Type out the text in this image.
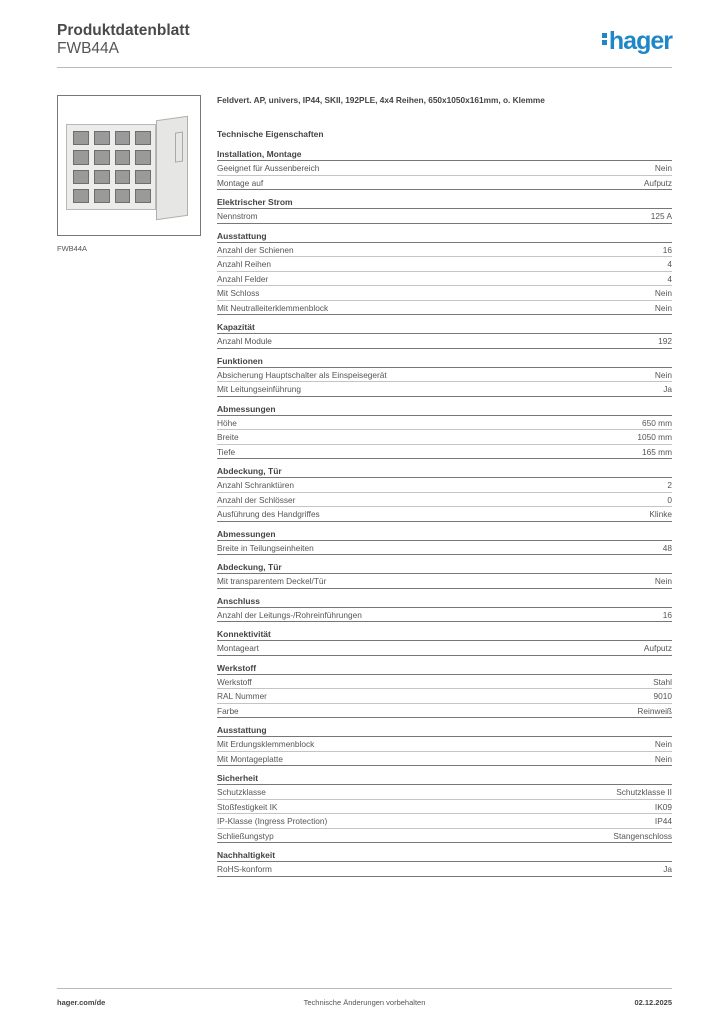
Produktdatenblatt
FWB44A	hager
FWB44A
Feldvert. AP, univers, IP44, SKII, 192PLE, 4x4 Reihen, 650x1050x161mm, o. Klemme
Technische Eigenschaften
Installation, Montage
Geeignet für Aussenbereich	Nein
Montage auf	Aufputz
Elektrischer Strom
Nennstrom	125 A
Ausstattung
Anzahl der Schienen	16
Anzahl Reihen	4
Anzahl Felder	4
Mit Schloss	Nein
Mit Neutralleiterklemmenblock	Nein
Kapazität
Anzahl Module	192
Funktionen
Absicherung Hauptschalter als Einspeisegerät	Nein
Mit Leitungseinführung	Ja
Abmessungen
Höhe	650 mm
Breite	1050 mm
Tiefe	165 mm
Abdeckung, Tür
Anzahl Schranktüren	2
Anzahl der Schlösser	0
Ausführung des Handgriffes	Klinke
Abmessungen
Breite in Teilungseinheiten	48
Abdeckung, Tür
Mit transparentem Deckel/Tür	Nein
Anschluss
Anzahl der Leitungs-/Rohreinführungen	16
Konnektivität
Montageart	Aufputz
Werkstoff
Werkstoff	Stahl
RAL Nummer	9010
Farbe	Reinweiß
Ausstattung
Mit Erdungsklemmenblock	Nein
Mit Montageplatte	Nein
Sicherheit
Schutzklasse	Schutzklasse II
Stoßfestigkeit IK	IK09
IP-Klasse (Ingress Protection)	IP44
Schließungstyp	Stangenschloss
Nachhaltigkeit
RoHS-konform	Ja
hager.com/de	Technische Änderungen vorbehalten	02.12.2025
